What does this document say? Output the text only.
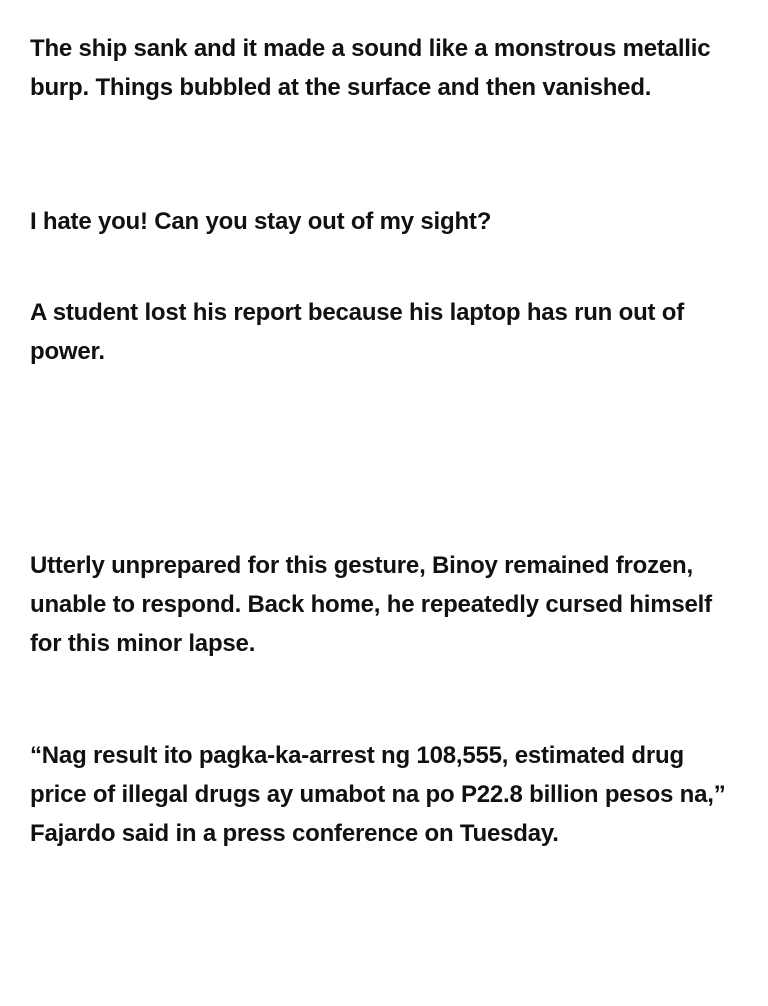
The ship sank and it made a sound like a monstrous metallic burp. Things bubbled at the surface and then vanished.

I hate you! Can you stay out of my sight?

A student lost his report because his laptop has run out of power.

Utterly unprepared for this gesture, Binoy remained frozen, unable to respond. Back home, he repeatedly cursed himself for this minor lapse.

“Nag result ito pagka-ka-arrest ng 108,555, estimated drug price of illegal drugs ay umabot na po P22.8 billion pesos na,” Fajardo said in a press conference on Tuesday.
